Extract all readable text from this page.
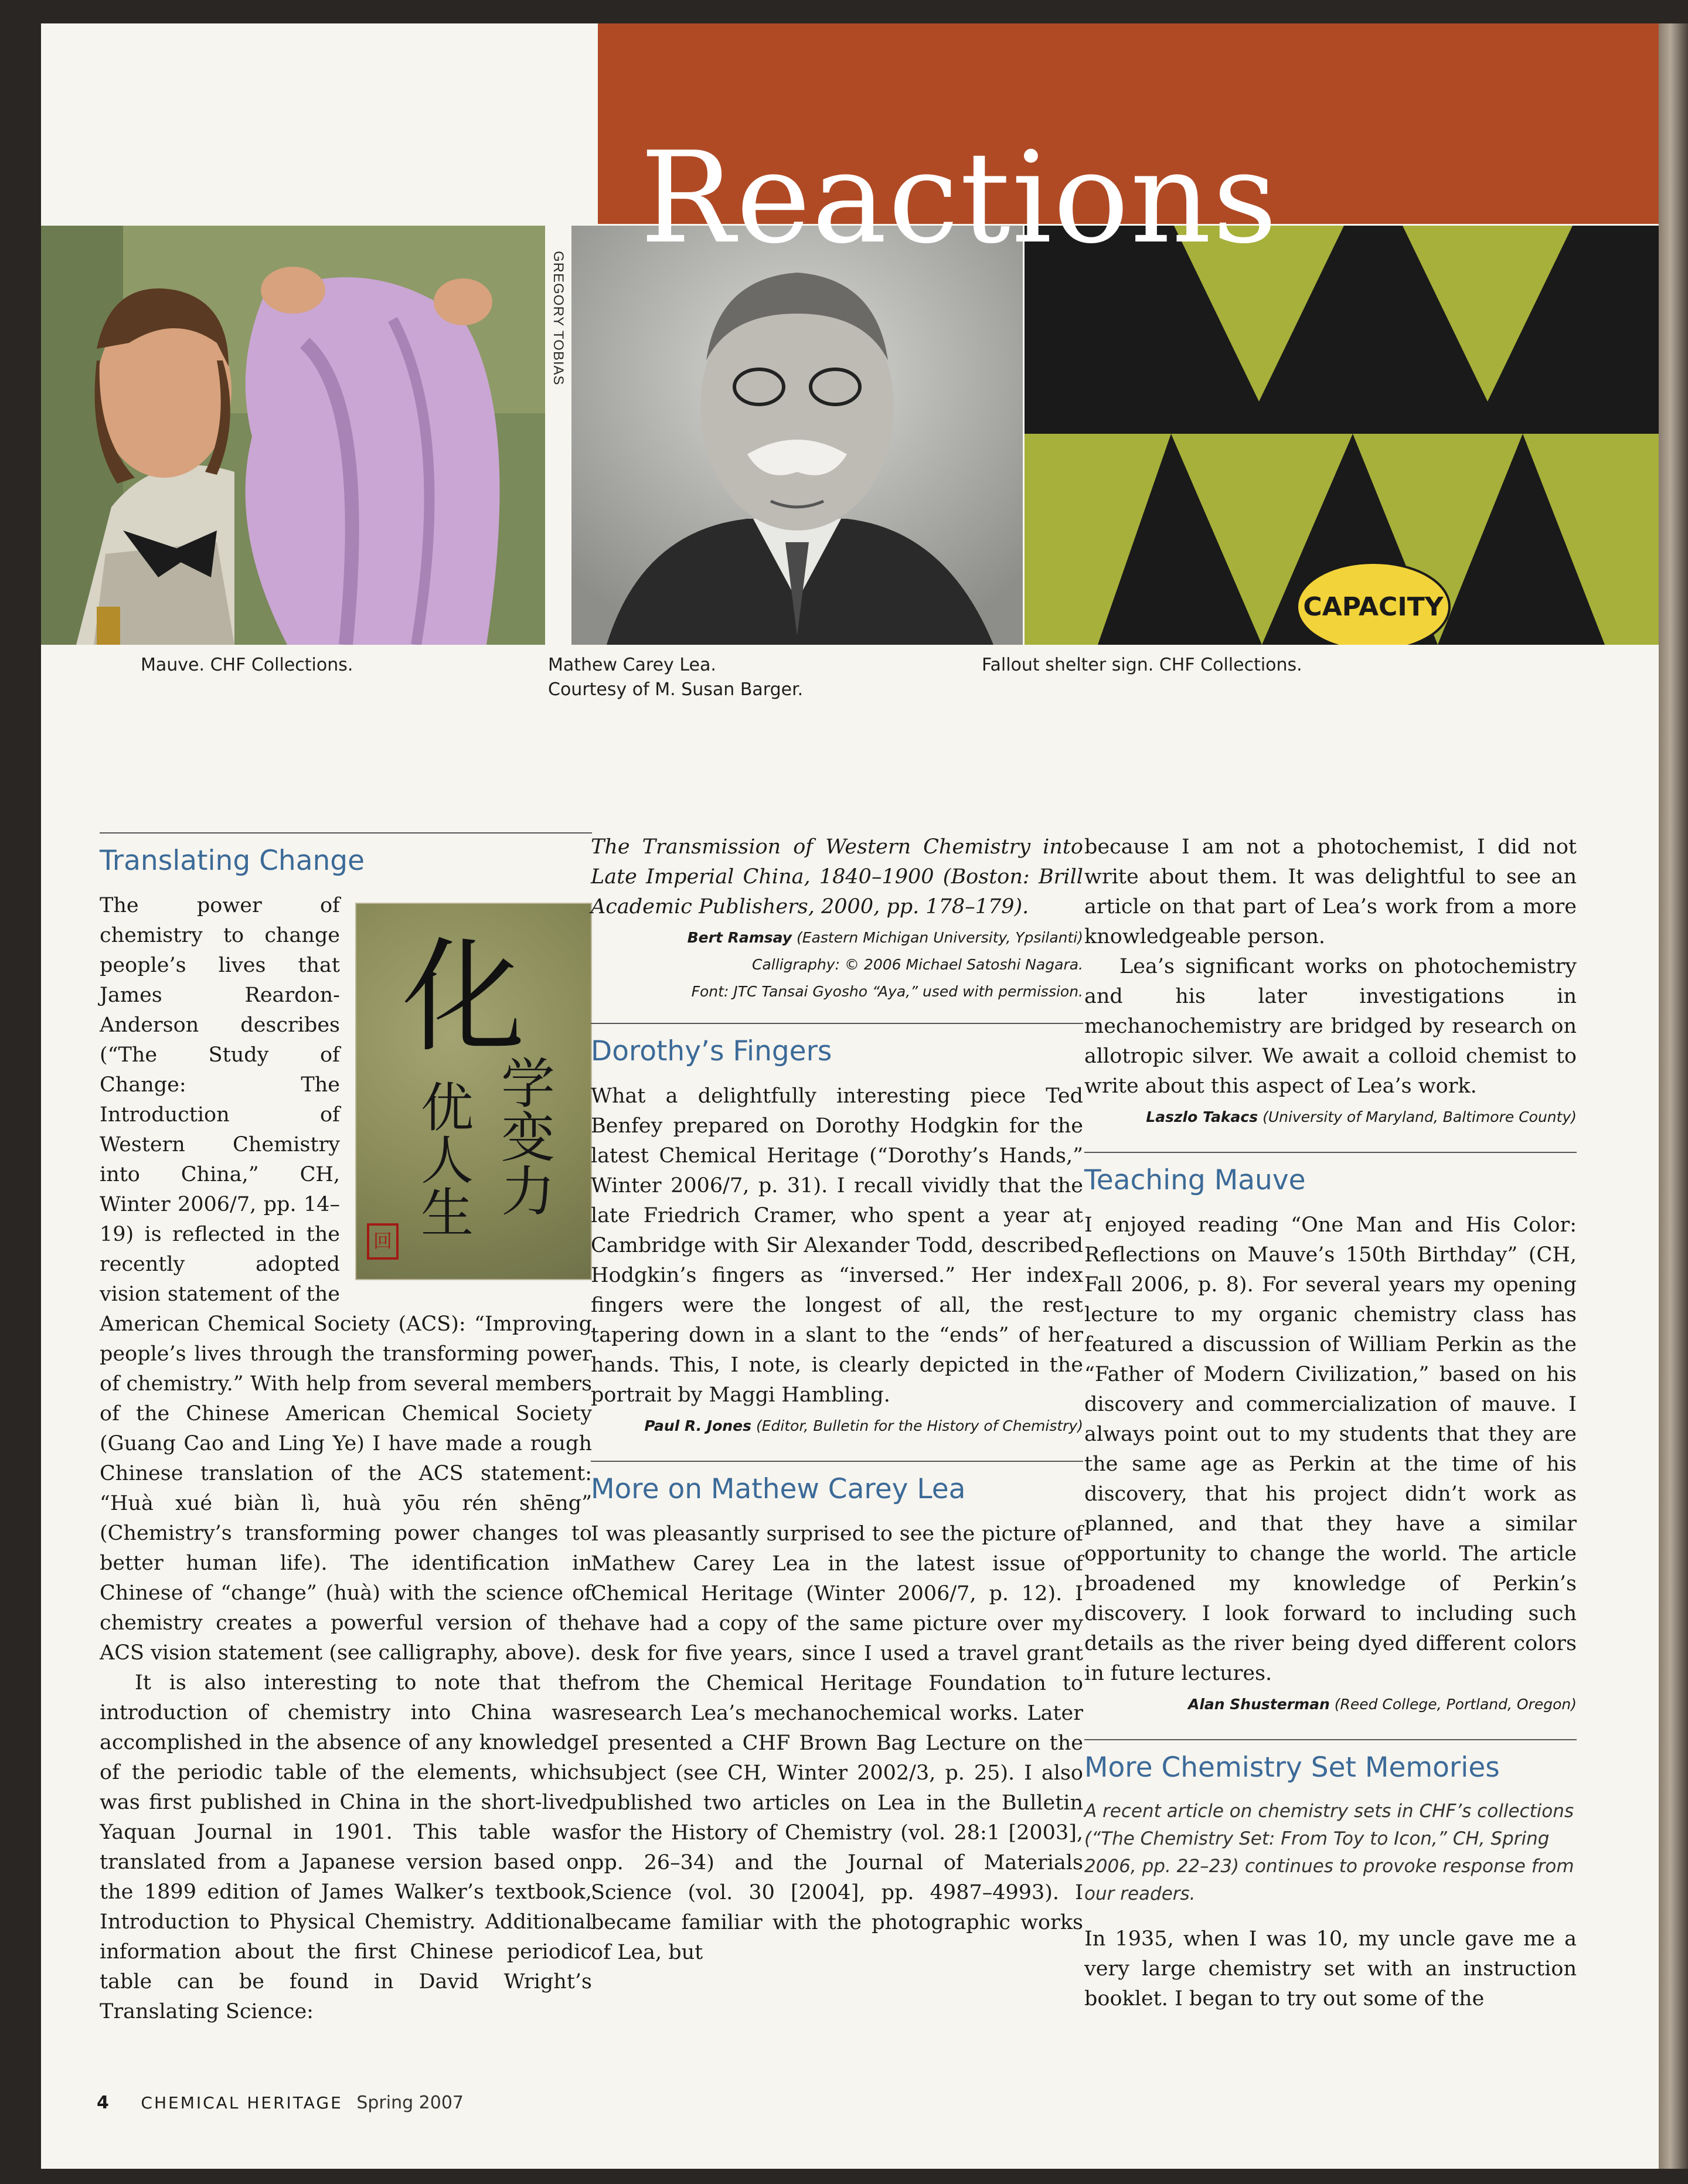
GREGORY TOBIAS
CAPACITY
Reactions
Mauve. CHF Collections.	Mathew Carey Lea.
Courtesy of M. Susan Barger.
Fallout shelter sign. CHF Collections.
Translating Change
化
学变力
优人生
回

The power of chemistry to change people’s lives that James Reardon-Anderson describes (“The Study of Change: The Introduction of Western Chemistry into China,” CH, Winter 2006/7, pp. 14–19) is reflected in the recently adopted vision statement of the American Chemical Society (ACS): “Improving people’s lives through the transforming power of chemistry.” With help from several members of the Chinese American Chemical Society (Guang Cao and Ling Ye) I have made a rough Chinese translation of the ACS statement: “Huà xué biàn lì, huà yōu rén shēng” (Chemistry’s transforming power changes to better human life). The identification in Chinese of “change” (huà) with the science of chemistry creates a powerful version of the ACS vision statement (see calligraphy, above).

It is also interesting to note that the introduction of chemistry into China was accomplished in the absence of any knowledge of the periodic table of the elements, which was first published in China in the short-lived Yaquan Journal in 1901. This table was translated from a Japanese version based on the 1899 edition of James Walker’s textbook, Introduction to Physical Chemistry. Additional information about the first Chinese periodic table can be found in David Wright’s Translating Science:

The Transmission of Western Chemistry into Late Imperial China, 1840–1900 (Boston: Brill Academic Publishers, 2000, pp. 178–179).

Bert Ramsay (Eastern Michigan University, Ypsilanti)
Calligraphy: © 2006 Michael Satoshi Nagara.
Font: JTC Tansai Gyosho “Aya,” used with permission.
Dorothy’s Fingers

What a delightfully interesting piece Ted Benfey prepared on Dorothy Hodgkin for the latest Chemical Heritage (“Dorothy’s Hands,” Winter 2006/7, p. 31). I recall vividly that the late Friedrich Cramer, who spent a year at Cambridge with Sir Alexander Todd, described Hodgkin’s fingers as “inversed.” Her index fingers were the longest of all, the rest tapering down in a slant to the “ends” of her hands. This, I note, is clearly depicted in the portrait by Maggi Hambling.

Paul R. Jones (Editor, Bulletin for the History of Chemistry)
More on Mathew Carey Lea

I was pleasantly surprised to see the picture of Mathew Carey Lea in the latest issue of Chemical Heritage (Winter 2006/7, p. 12). I have had a copy of the same picture over my desk for five years, since I used a travel grant from the Chemical Heritage Foundation to research Lea’s mechanochemical works. Later I presented a CHF Brown Bag Lecture on the subject (see CH, Winter 2002/3, p. 25). I also published two articles on Lea in the Bulletin for the History of Chemistry (vol. 28:1 [2003], pp. 26–34) and the Journal of Materials Science (vol. 30 [2004], pp. 4987–4993). I became familiar with the photographic works of Lea, but

because I am not a photochemist, I did not write about them. It was delightful to see an article on that part of Lea’s work from a more knowledgeable person.

Lea’s significant works on photochemistry and his later investigations in mechanochemistry are bridged by research on allotropic silver. We await a colloid chemist to write about this aspect of Lea’s work.

Laszlo Takacs (University of Maryland, Baltimore County)
Teaching Mauve

I enjoyed reading “One Man and His Color: Reflections on Mauve’s 150th Birthday” (CH, Fall 2006, p. 8). For several years my opening lecture to my organic chemistry class has featured a discussion of William Perkin as the “Father of Modern Civilization,” based on his discovery and commercialization of mauve. I always point out to my students that they are the same age as Perkin at the time of his discovery, that his project didn’t work as planned, and that they have a similar opportunity to change the world. The article broadened my knowledge of Perkin’s discovery. I look forward to including such details as the river being dyed different colors in future lectures.

Alan Shusterman (Reed College, Portland, Oregon)
More Chemistry Set Memories

A recent article on chemistry sets in CHF’s collections (“The Chemistry Set: From Toy to Icon,” CH, Spring 2006, pp. 22–23) continues to provoke response from our readers.

In 1935, when I was 10, my uncle gave me a very large chemistry set with an instruction booklet. I began to try out some of the

4 CHEMICAL HERITAGE Spring 2007
